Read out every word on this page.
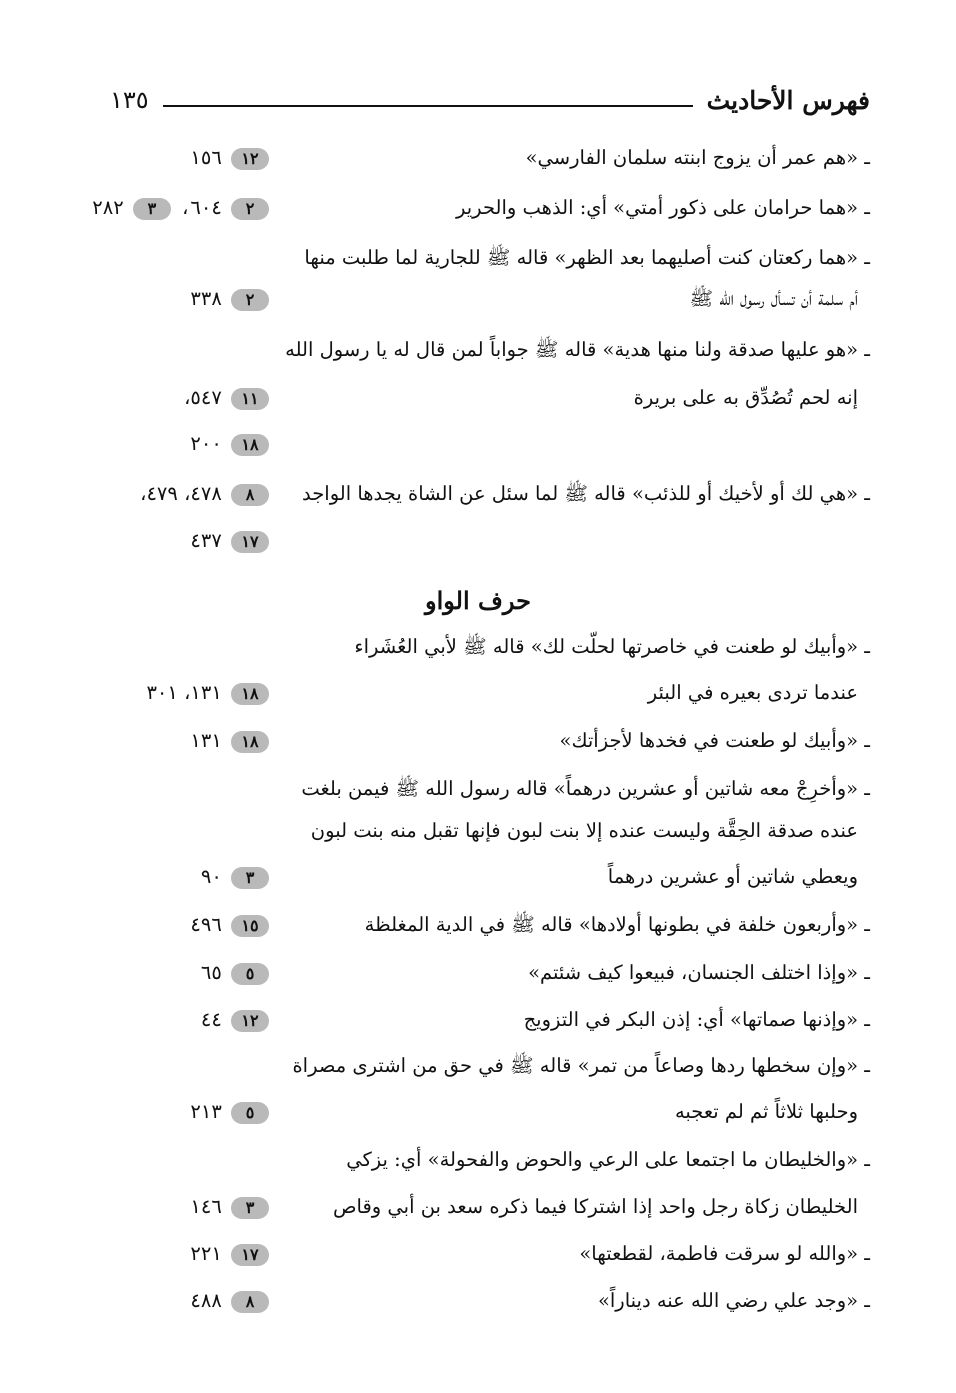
فهرس الأحاديث
١٣٥
حرف الواو
ـ «هم عمر أن يزوج ابنته سلمان الفارسي»
١٢ ١٥٦
ـ «هما حرامان على ذكور أمتي» أي: الذهب والحرير
٢ ٦٠٤، ٣ ٢٨٢
ـ «هما ركعتان كنت أصليهما بعد الظهر» قاله ﷺ للجارية لما طلبت منها
أم سلمة أن تسأل رسول الله ﷺ
٢ ٣٣٨
ـ «هو عليها صدقة ولنا منها هدية» قاله ﷺ جواباً لمن قال له يا رسول الله
إنه لحم تُصُدِّق به على بريرة
١١ ٥٤٧،
١٨ ٢٠٠
ـ «هي لك أو لأخيك أو للذئب» قاله ﷺ لما سئل عن الشاة يجدها الواجد
٨ ٤٧٨، ٤٧٩،
١٧ ٤٣٧
ـ «وأبيك لو طعنت في خاصرتها لحلّت لك» قاله ﷺ لأبي العُشَراء
عندما تردى بعيره في البئر
١٨ ١٣١، ٣٠١
ـ «وأبيك لو طعنت في فخدها لأجزأتك»
١٨ ١٣١
ـ «وأخرِجْ معه شاتين أو عشرين درهماً» قاله رسول الله ﷺ فيمن بلغت
عنده صدقة الحِقَّة وليست عنده إلا بنت لبون فإنها تقبل منه بنت لبون
ويعطي شاتين أو عشرين درهماً
٣ ٩٠
ـ «وأربعون خلفة في بطونها أولادها» قاله ﷺ في الدية المغلظة
١٥ ٤٩٦
ـ «وإذا اختلف الجنسان، فبيعوا كيف شئتم»
٥ ٦٥
ـ «وإذنها صماتها» أي: إذن البكر في التزويج
١٢ ٤٤
ـ «وإن سخطها ردها وصاعاً من تمر» قاله ﷺ في حق من اشترى مصراة
وحلبها ثلاثاً ثم لم تعجبه
٥ ٢١٣
ـ «والخليطان ما اجتمعا على الرعي والحوض والفحولة» أي: يزكي
الخليطان زكاة رجل واحد إذا اشتركا فيما ذكره سعد بن أبي وقاص
٣ ١٤٦
ـ «والله لو سرقت فاطمة، لقطعتها»
١٧ ٢٢١
ـ «وجد علي رضي الله عنه ديناراً»
٨ ٤٨٨
